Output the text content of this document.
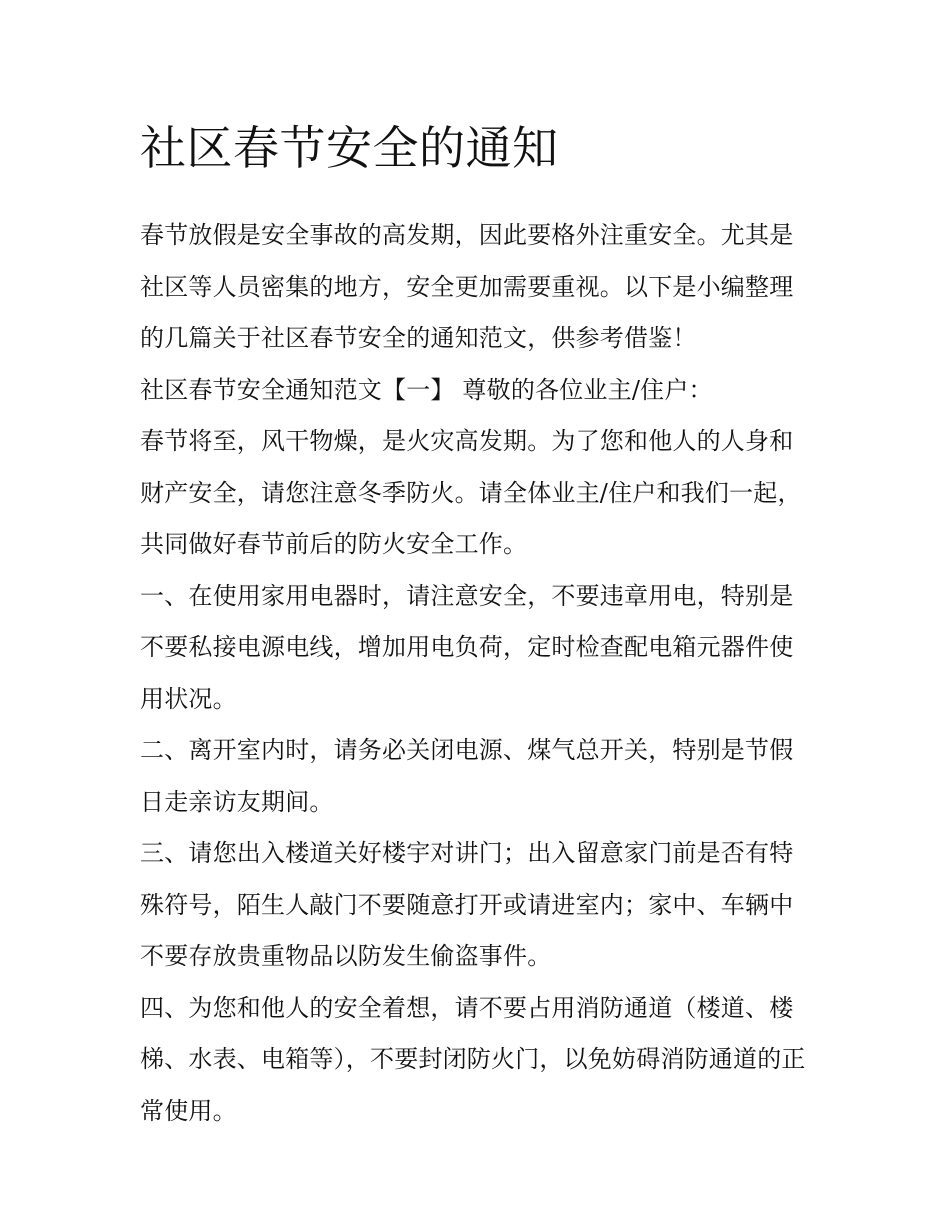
社区春节安全的通知

春节放假是安全事故的高发期，因此要格外注重安全。尤其是社区等人员密集的地方，安全更加需要重视。以下是小编整理的几篇关于社区春节安全的通知范文，供参考借鉴！

社区春节安全通知范文【一】 尊敬的各位业主/住户：

春节将至，风干物燥，是火灾高发期。为了您和他人的人身和财产安全，请您注意冬季防火。请全体业主/住户和我们一起，共同做好春节前后的防火安全工作。

一、在使用家用电器时，请注意安全，不要违章用电，特别是不要私接电源电线，增加用电负荷，定时检查配电箱元器件使用状况。

二、离开室内时，请务必关闭电源、煤气总开关，特别是节假日走亲访友期间。

三、请您出入楼道关好楼宇对讲门；出入留意家门前是否有特殊符号，陌生人敲门不要随意打开或请进室内；家中、车辆中不要存放贵重物品以防发生偷盗事件。

四、为您和他人的安全着想，请不要占用消防通道（楼道、楼梯、水表、电箱等），不要封闭防火门，以免妨碍消防通道的正常使用。
